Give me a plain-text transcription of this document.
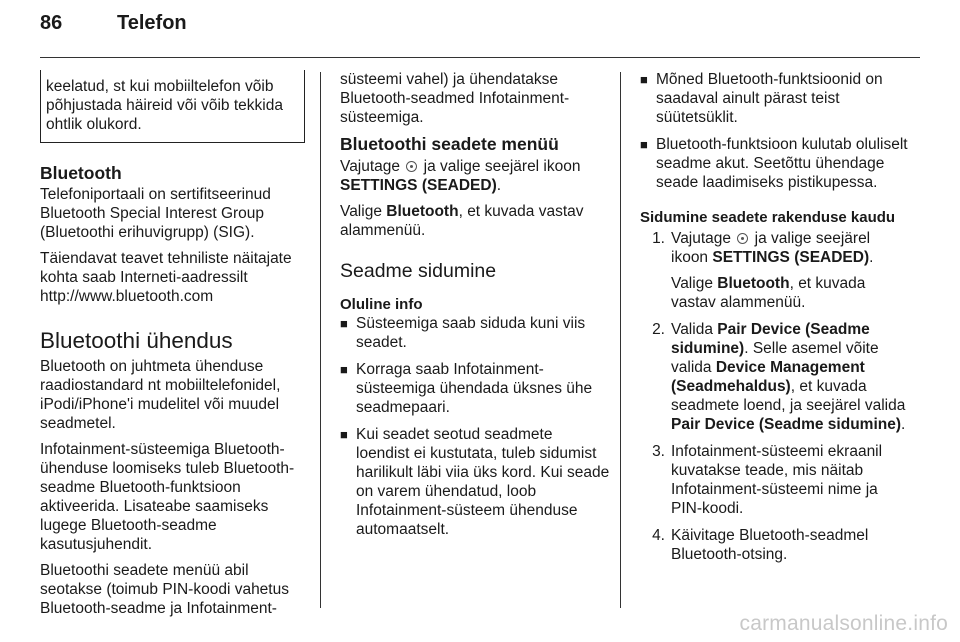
86	Telefon
keelatud, st kui mobiiltelefon võib põhjustada häireid või võib tekkida ohtlik olukord.
Bluetooth

Telefoniportaali on sertifitseerinud Bluetooth Special Interest Group (Bluetoothi erihuvigrupp) (SIG).

Täiendavat teavet tehniliste näitajate kohta saab Interneti-aadressilt http://www.bluetooth.com

Bluetoothi ühendus

Bluetooth on juhtmeta ühenduse raadiostandard nt mobiiltelefonidel, iPodi/iPhone'i mudelitel või muudel seadmetel.

Infotainment-süsteemiga Bluetooth-ühenduse loomiseks tuleb Bluetooth-seadme Bluetooth-funktsioon aktiveerida. Lisateabe saamiseks lugege Bluetooth-seadme kasutusjuhendit.

Bluetoothi seadete menüü abil seotakse (toimub PIN-koodi vahetus Bluetooth-seadme ja Infotainment-

süsteemi vahel) ja ühendatakse Bluetooth-seadmed Infotainment-süsteemiga.

Bluetoothi seadete menüü

Vajutage ja valige seejärel ikoon SETTINGS (SEADED).

Valige Bluetooth, et kuvada vastav alammenüü.

Seadme sidumine
Oluline info
■ Süsteemiga saab siduda kuni viis seadet.
■ Korraga saab Infotainment-süsteemiga ühendada üksnes ühe seadmepaari.
■ Kui seadet seotud seadmete loendist ei kustutata, tuleb sidumist harilikult läbi viia üks kord. Kui seade on varem ühendatud, loob Infotainment-süsteem ühenduse automaatselt.
■ Mõned Bluetooth-funktsioonid on saadaval ainult pärast teist süütetsüklit.
■ Bluetooth-funktsioon kulutab oluliselt seadme akut. Seetõttu ühendage seade laadimiseks pistikupessa.
Sidumine seadete rakenduse kaudu
1. Vajutage ja valige seejärel ikoon SETTINGS (SEADED).

Valige Bluetooth, et kuvada vastav alammenüü.

2. Valida Pair Device (Seadme sidumine). Selle asemel võite valida Device Management (Seadmehaldus), et kuvada seadmete loend, ja seejärel valida Pair Device (Seadme sidumine).
3. Infotainment-süsteemi ekraanil kuvatakse teade, mis näitab Infotainment-süsteemi nime ja PIN-koodi.
4. Käivitage Bluetooth-seadmel Bluetooth-otsing.
carmanualsonline.info
